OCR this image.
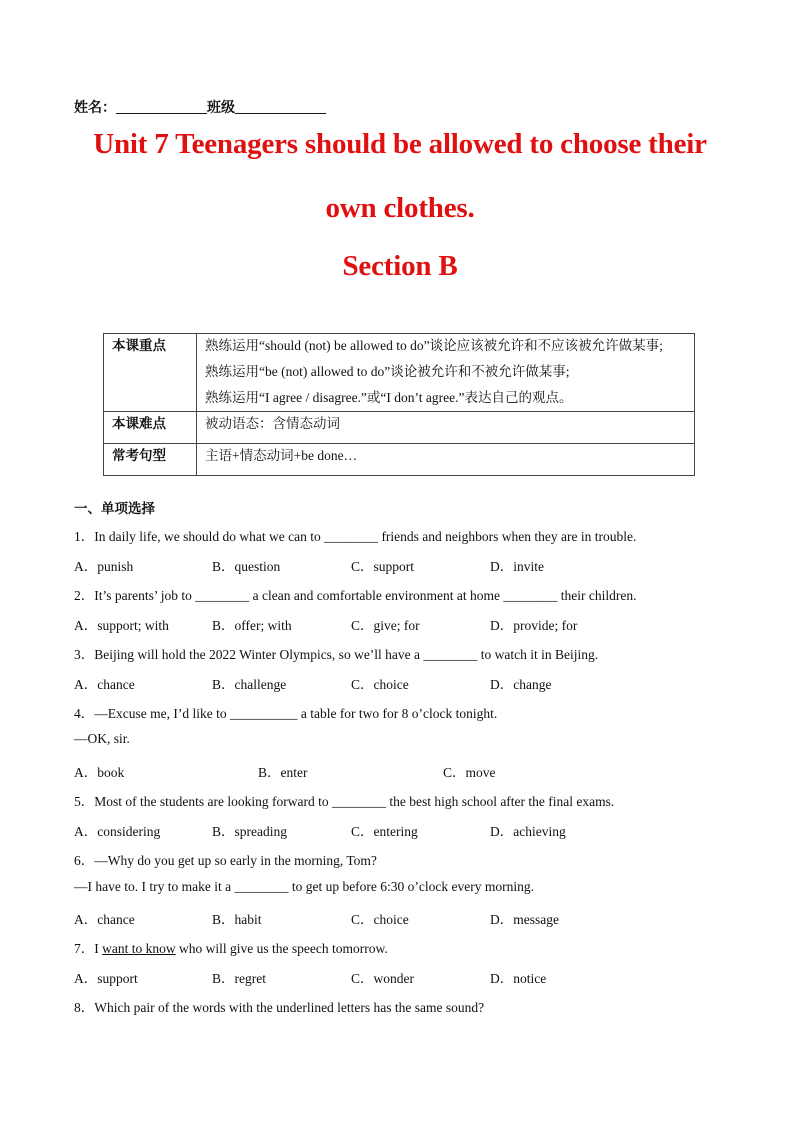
姓名：_____________班级_____________
Unit 7 Teenagers should be allowed to choose their
own clothes.
Section B
本课重点	熟练运用“should (not) be allowed to do”谈论应该被允许和不应该被允许做某事;
熟练运用“be (not) allowed to do”谈论被允许和不被允许做某事;
熟练运用“I agree / disagree.”或“I don’t agree.”表达自己的观点。

本课难点	被动语态：含情态动词
常考句型	主语+情态动词+be done…
一、单项选择
1．In daily life, we should do what we can to ________ friends and neighbors when they are in trouble.
A．punish	B．question	C．support	D．invite
2．It’s parents’ job to ________ a clean and comfortable environment at home ________ their children.
A．support; with	B．offer; with	C．give; for	D．provide; for
3．Beijing will hold the 2022 Winter Olympics, so we’ll have a ________ to watch it in Beijing.
A．chance	B．challenge	C．choice	D．change
4．—Excuse me, I’d like to __________ a table for two for 8 o’clock tonight.
—OK, sir.
A．book	B．enter	C．move
5．Most of the students are looking forward to ________ the best high school after the final exams.
A．considering	B．spreading	C．entering	D．achieving
6．—Why do you get up so early in the morning, Tom?
—I have to. I try to make it a ________ to get up before 6:30 o’clock every morning.
A．chance	B．habit	C．choice	D．message
7．I want to know who will give us the speech tomorrow.
A．support	B．regret	C．wonder	D．notice
8．Which pair of the words with the underlined letters has the same sound?
